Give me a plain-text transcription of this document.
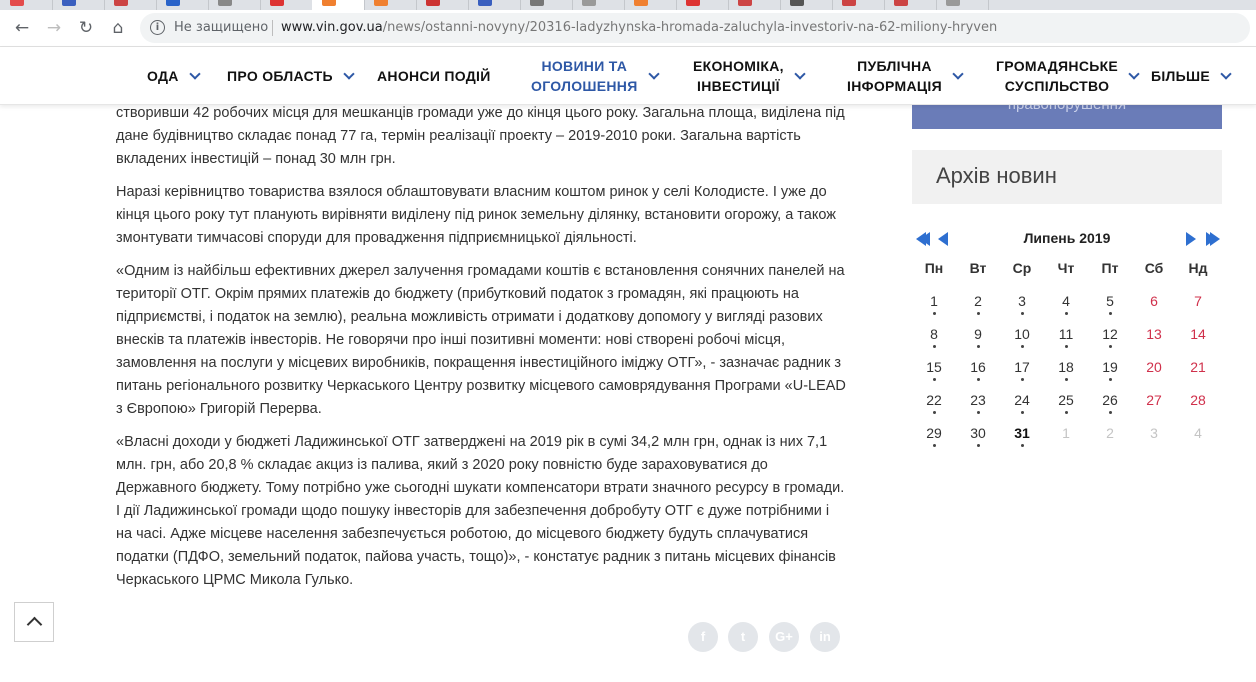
← → ↻ ⌂	i	Не защищено www.vin.gov.ua/news/ostanni-novyny/20316-ladyzhynska-hromada-zaluchyla-investoriv-na-62-miliony-hryven
ОДА	ПРО ОБЛАСТЬ	АНОНСИ ПОДІЙ
НОВИНИ ТА
ОГОЛОШЕННЯ
ЕКОНОМІКА,
ІНВЕСТИЦІЇ
ПУБЛІЧНА
ІНФОРМАЦІЯ
ГРОМАДЯНСЬКЕ
СУСПІЛЬСТВО
БІЛЬШЕ

створивши 42 робочих місця для мешканців громади уже до кінця цього року. Загальна площа, виділена під дане будівництво складає понад 77 га, термін реалізації проекту – 2019-2010 роки. Загальна вартість вкладених інвестицій – понад 30 млн грн.

Наразі керівництво товариства взялося облаштовувати власним коштом ринок у селі Колодисте. І уже до кінця цього року тут планують вирівняти виділену під ринок земельну ділянку, встановити огорожу, а також змонтувати тимчасові споруди для провадження підприємницької діяльності.

«Одним із найбільш ефективних джерел залучення громадами коштів є встановлення сонячних панелей на території ОТГ. Окрім прямих платежів до бюджету (прибутковий податок з громадян, які працюють на підприємстві, і податок на землю), реальна можливість отримати і додаткову допомогу у вигляді разових внесків та платежів інвесторів. Не говорячи про інші позитивні моменти: нові створені робочі місця, замовлення на послуги у місцевих виробників, покращення інвестиційного іміджу ОТГ», - зазначає радник з питань регіонального розвитку Черкаського Центру розвитку місцевого самоврядування Програми «U-LEAD з Європою» Григорій Перерва.

«Власні доходи у бюджеті Ладижинської ОТГ затверджені на 2019 рік в сумі 34,2 млн грн, однак із них 7,1 млн. грн, або 20,8 % складає акциз із палива, який з 2020 року повністю буде зараховуватися до Державного бюджету. Тому потрібно уже сьогодні шукати компенсатори втрати значного ресурсу в громади. І дії Ладижинської громади щодо пошуку інвесторів для забезпечення добробуту ОТГ є дуже потрібними і на часі. Адже місцеве населення забезпечується роботою, до місцевого бюджету будуть сплачуватися податки (ПДФО, земельний податок, пайова участь, тощо)», - констатує радник з питань місцевих фінансів Черкаського ЦРМС Микола Гулько.

Архів новин
Липень 2019
Пн	Вт	Ср	Чт	Пт	Сб	Нд
1	2	3	4	5	6	7
8	9	10	11	12	13	14
15	16	17	18	19	20	21
22	23	24	25	26	27	28
29	30	31	1	2	3	4
f	t	G+	in
